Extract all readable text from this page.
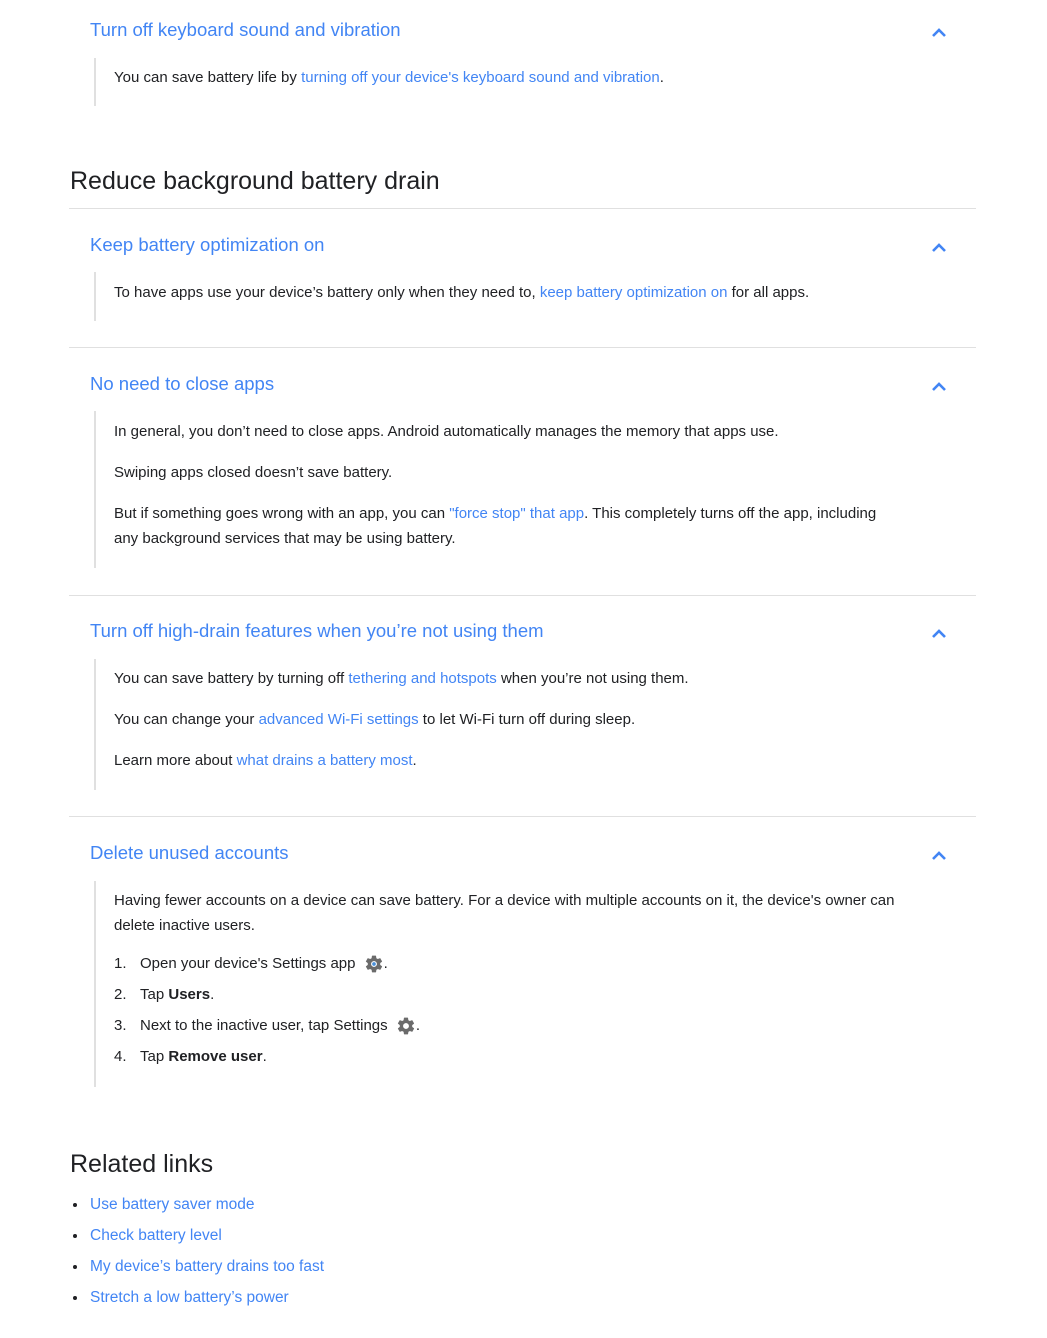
Turn off keyboard sound and vibration

You can save battery life by turning off your device's keyboard sound and vibration.

Reduce background battery drain
Keep battery optimization on

To have apps use your device’s battery only when they need to, keep battery optimization on for all apps.

No need to close apps

In general, you don’t need to close apps. Android automatically manages the memory that apps use.

Swiping apps closed doesn’t save battery.

But if something goes wrong with an app, you can "force stop" that app. This completely turns off the app, including any background services that may be using battery.

Turn off high-drain features when you’re not using them

You can save battery by turning off tethering and hotspots when you’re not using them.

You can change your advanced Wi-Fi settings to let Wi-Fi turn off during sleep.

Learn more about what drains a battery most.

Delete unused accounts

Having fewer accounts on a device can save battery. For a device with multiple accounts on it, the device's owner can delete inactive users.

1. Open your device's Settings app .
2. Tap Users.
3. Next to the inactive user, tap Settings .
4. Tap Remove user.
Related links
Use battery saver mode
Check battery level
My device’s battery drains too fast
Stretch a low battery’s power
